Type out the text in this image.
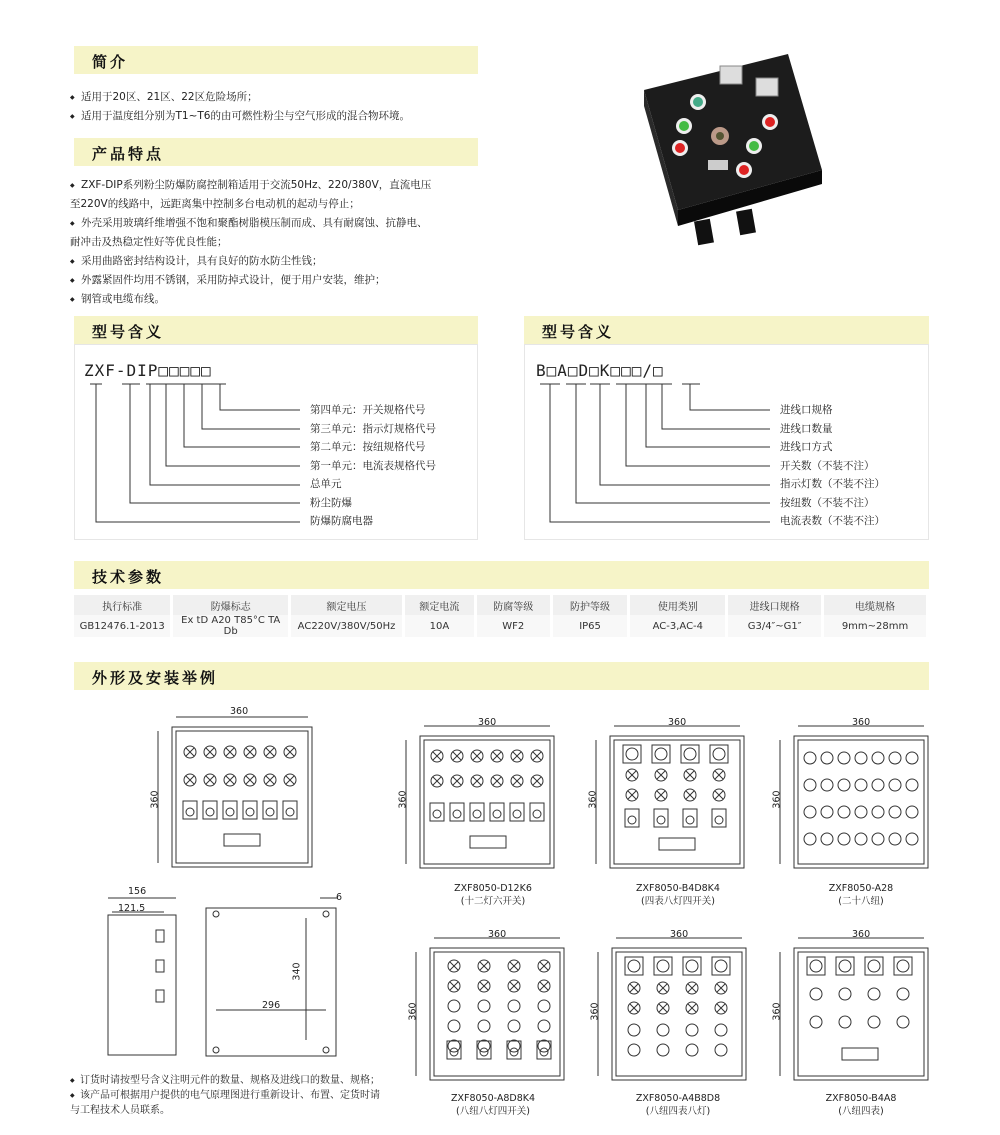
简介

◆ 适用于20区、21区、22区危险场所；

◆ 适用于温度组分别为T1~T6的由可燃性粉尘与空气形成的混合物环境。

产品特点

◆ ZXF-DIP系列粉尘防爆防腐控制箱适用于交流50Hz、220/380V，直流电压

至220V的线路中，远距离集中控制多台电动机的起动与停止；

◆ 外壳采用玻璃纤维增强不饱和聚酯树脂模压制而成、具有耐腐蚀、抗静电、

耐冲击及热稳定性好等优良性能；

◆ 采用曲路密封结构设计，具有良好的防水防尘性钱；

◆ 外露紧固件均用不锈钢，采用防掉式设计，便于用户安装，维护；

◆ 钢管或电缆布线。

型号含义
ZXF-DIP□□□□□

第四单元：开关规格代号

第三单元：指示灯规格代号

第二单元：按纽规格代号

第一单元：电流表规格代号

总单元

粉尘防爆

防爆防腐电器

型号含义
B□A□D□K□□□/□

进线口规格

进线口数量

进线口方式

开关数（不装不注）

指示灯数（不装不注）

按纽数（不装不注）

电流表数（不装不注）

技术参数
执行标准	防爆标志	额定电压	额定电流	防腐等级	防护等级	使用类别	进线口规格	电缆规格
GB12476.1-2013	Ex tD A20 T85°C TA Db	AC220V/380V/50Hz	10A	WF2	IP65	AC-3,AC-4	G3/4″~G1″	9mm~28mm
外形及安装举例
360
360
360
360
360
360
360
360
360
360
360
360
360
360
156
121.5
6
340
296

ZXF8050-D12K6

(十二灯六开关)

ZXF8050-B4D8K4

(四表八灯四开关)

ZXF8050-A28

(二十八纽)

ZXF8050-A8D8K4

(八纽八灯四开关)

ZXF8050-A4B8D8

(八纽四表八灯)

ZXF8050-B4A8

(八纽四表)

◆ 订货时请按型号含义注明元件的数量、规格及进线口的数量、规格；

◆ 该产品可根据用户提供的电气原理图进行重新设计、布置、定货时请

与工程技术人员联系。
